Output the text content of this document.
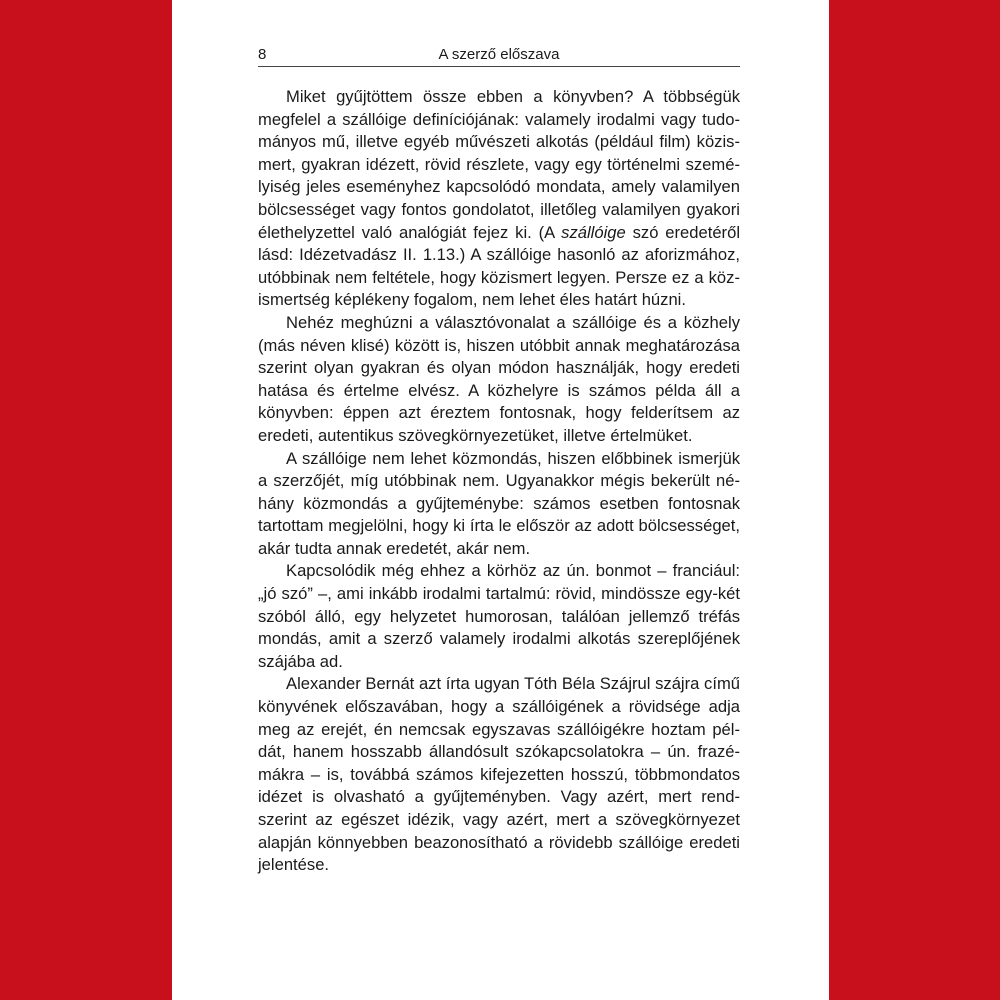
8	A szerző előszava

Miket gyűjtöttem össze ebben a könyvben? A többségük megfelel a szállóige definíciójának: valamely irodalmi vagy tudományos mű, illetve egyéb művészeti alkotás (például film) közismert, gyakran idézett, rövid részlete, vagy egy történelmi személyiség jeles eseményhez kapcsolódó mondata, amely valamilyen bölcsességet vagy fontos gondolatot, illetőleg valamilyen gyakori élethelyzettel való analógiát fejez ki. (A szállóige szó eredetéről lásd: Idézetvadász II. 1.13.) A szállóige hasonló az aforizmához, utóbbinak nem feltétele, hogy közismert legyen. Persze ez a közismertség képlékeny fogalom, nem lehet éles határt húzni.

Nehéz meghúzni a választóvonalat a szállóige és a közhely (más néven klisé) között is, hiszen utóbbit annak meghatározása szerint olyan gyakran és olyan módon használják, hogy eredeti hatása és értelme elvész. A közhelyre is számos példa áll a könyvben: éppen azt éreztem fontosnak, hogy felderítsem az eredeti, autentikus szövegkörnyezetüket, illetve értelmüket.

A szállóige nem lehet közmondás, hiszen előbbinek ismerjük a szerzőjét, míg utóbbinak nem. Ugyanakkor mégis bekerült néhány közmondás a gyűjteménybe: számos esetben fontosnak tartottam megjelölni, hogy ki írta le először az adott bölcsességet, akár tudta annak eredetét, akár nem.

Kapcsolódik még ehhez a körhöz az ún. bonmot – franciául: „jó szó” –, ami inkább irodalmi tartalmú: rövid, mindössze egy-két szóból álló, egy helyzetet humorosan, találóan jellemző tréfás mondás, amit a szerző valamely irodalmi alkotás szereplőjének szájába ad.

Alexander Bernát azt írta ugyan Tóth Béla Szájrul szájra című könyvének előszavában, hogy a szállóigének a rövidsége adja meg az erejét, én nemcsak egyszavas szállóigékre hoztam példát, hanem hosszabb állandósult szókapcsolatokra – ún. frazémákra – is, továbbá számos kifejezetten hosszú, többmondatos idézet is olvasható a gyűjteményben. Vagy azért, mert rendszerint az egészet idézik, vagy azért, mert a szövegkörnyezet alapján könnyebben beazonosítható a rövidebb szállóige eredeti jelentése.
